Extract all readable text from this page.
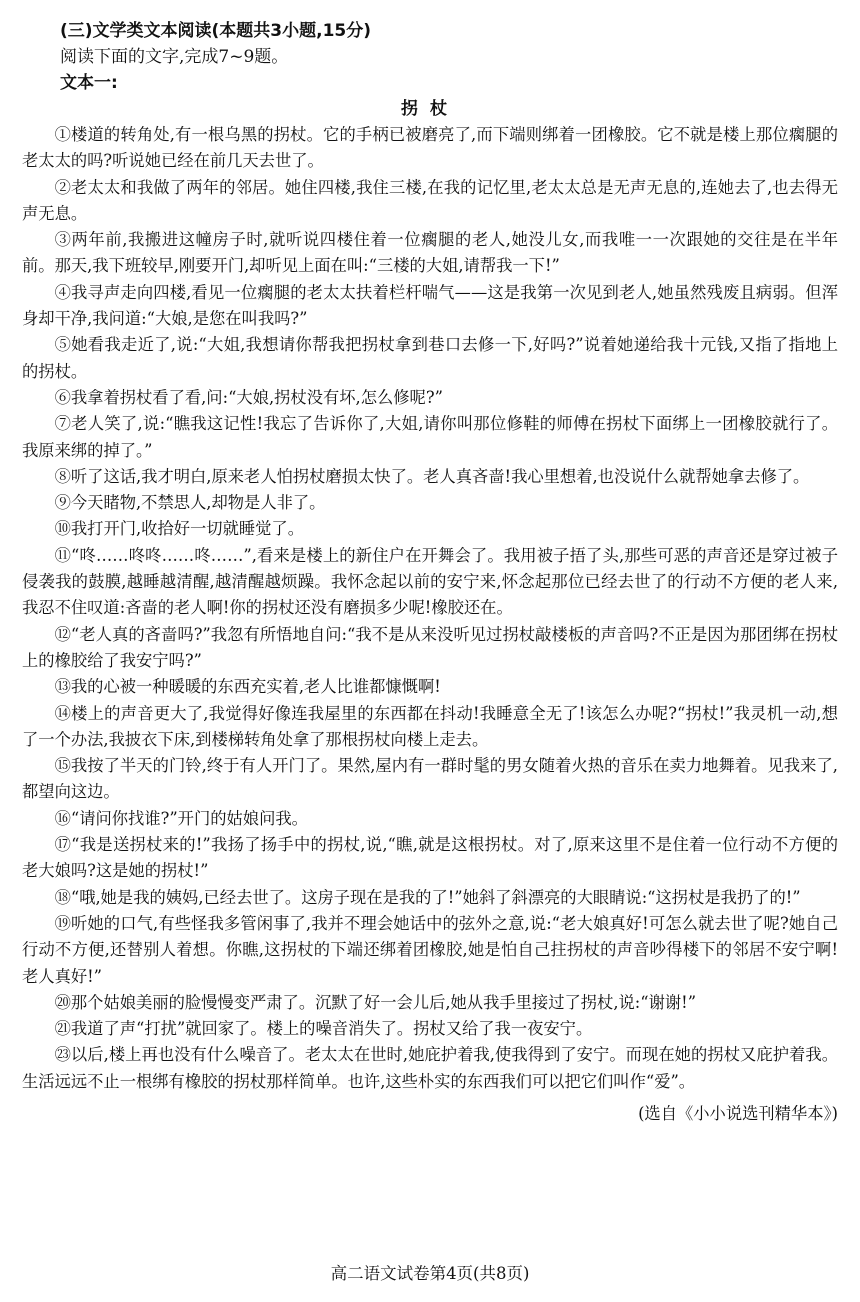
(三)文学类文本阅读(本题共3小题,15分)
阅读下面的文字,完成7~9题。
文本一:
拐杖

①楼道的转角处,有一根乌黑的拐杖。它的手柄已被磨亮了,而下端则绑着一团橡胶。它不就是楼上那位瘸腿的老太太的吗?听说她已经在前几天去世了。

②老太太和我做了两年的邻居。她住四楼,我住三楼,在我的记忆里,老太太总是无声无息的,连她去了,也去得无声无息。

③两年前,我搬进这幢房子时,就听说四楼住着一位瘸腿的老人,她没儿女,而我唯一一次跟她的交往是在半年前。那天,我下班较早,刚要开门,却听见上面在叫:“三楼的大姐,请帮我一下!”

④我寻声走向四楼,看见一位瘸腿的老太太扶着栏杆喘气——这是我第一次见到老人,她虽然残废且病弱。但浑身却干净,我问道:“大娘,是您在叫我吗?”

⑤她看我走近了,说:“大姐,我想请你帮我把拐杖拿到巷口去修一下,好吗?”说着她递给我十元钱,又指了指地上的拐杖。

⑥我拿着拐杖看了看,问:“大娘,拐杖没有坏,怎么修呢?”

⑦老人笑了,说:“瞧我这记性!我忘了告诉你了,大姐,请你叫那位修鞋的师傅在拐杖下面绑上一团橡胶就行了。我原来绑的掉了。”

⑧听了这话,我才明白,原来老人怕拐杖磨损太快了。老人真吝啬!我心里想着,也没说什么就帮她拿去修了。

⑨今天睹物,不禁思人,却物是人非了。

⑩我打开门,收拾好一切就睡觉了。

⑪“咚……咚咚……咚……”,看来是楼上的新住户在开舞会了。我用被子捂了头,那些可恶的声音还是穿过被子侵袭我的鼓膜,越睡越清醒,越清醒越烦躁。我怀念起以前的安宁来,怀念起那位已经去世了的行动不方便的老人来,我忍不住叹道:吝啬的老人啊!你的拐杖还没有磨损多少呢!橡胶还在。

⑫“老人真的吝啬吗?”我忽有所悟地自问:“我不是从来没听见过拐杖敲楼板的声音吗?不正是因为那团绑在拐杖上的橡胶给了我安宁吗?”

⑬我的心被一种暖暖的东西充实着,老人比谁都慷慨啊!

⑭楼上的声音更大了,我觉得好像连我屋里的东西都在抖动!我睡意全无了!该怎么办呢?“拐杖!”我灵机一动,想了一个办法,我披衣下床,到楼梯转角处拿了那根拐杖向楼上走去。

⑮我按了半天的门铃,终于有人开门了。果然,屋内有一群时髦的男女随着火热的音乐在卖力地舞着。见我来了,都望向这边。

⑯“请问你找谁?”开门的姑娘问我。

⑰“我是送拐杖来的!”我扬了扬手中的拐杖,说,“瞧,就是这根拐杖。对了,原来这里不是住着一位行动不方便的老大娘吗?这是她的拐杖!”

⑱“哦,她是我的姨妈,已经去世了。这房子现在是我的了!”她斜了斜漂亮的大眼睛说:“这拐杖是我扔了的!”

⑲听她的口气,有些怪我多管闲事了,我并不理会她话中的弦外之意,说:“老大娘真好!可怎么就去世了呢?她自己行动不方便,还替别人着想。你瞧,这拐杖的下端还绑着团橡胶,她是怕自己拄拐杖的声音吵得楼下的邻居不安宁啊!老人真好!”

⑳那个姑娘美丽的脸慢慢变严肃了。沉默了好一会儿后,她从我手里接过了拐杖,说:“谢谢!”

㉑我道了声“打扰”就回家了。楼上的噪音消失了。拐杖又给了我一夜安宁。

㉓以后,楼上再也没有什么噪音了。老太太在世时,她庇护着我,使我得到了安宁。而现在她的拐杖又庇护着我。生活远远不止一根绑有橡胶的拐杖那样简单。也许,这些朴实的东西我们可以把它们叫作“爱”。

(选自《小小说选刊精华本》)
高二语文试卷第4页(共8页)
